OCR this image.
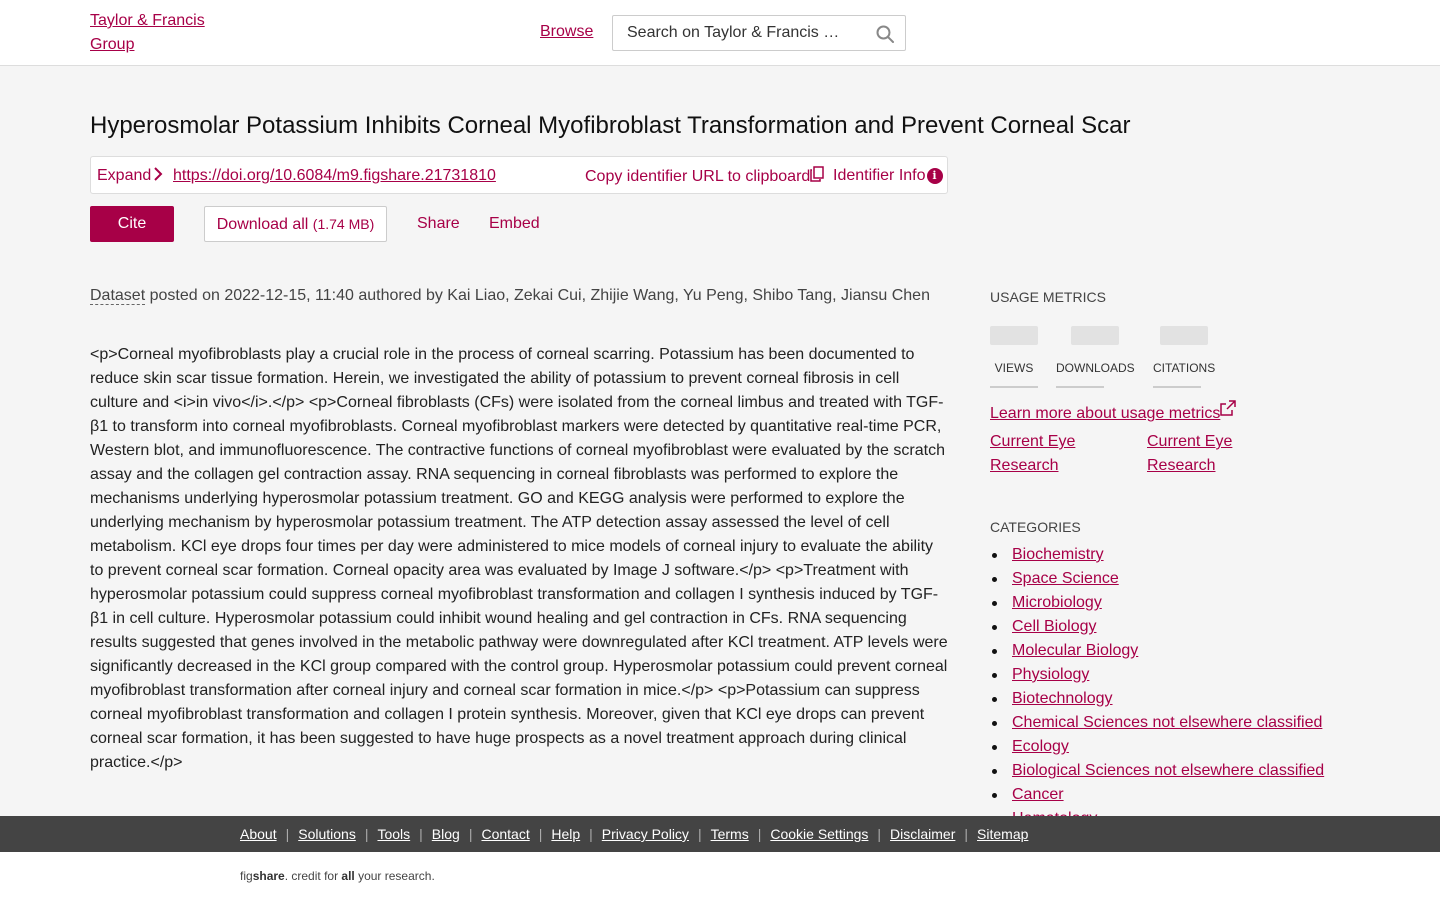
Taylor & Francis Group
Browse
Search on Taylor & Francis …
Hyperosmolar Potassium Inhibits Corneal Myofibroblast Transformation and Prevent Corneal Scar
Expand	https://doi.org/10.6084/m9.figshare.21731810	Copy identifier URL to clipboard	Identifier Info i
Cite	Download all (1.74 MB)	Share Embed
Dataset posted on 2022-12-15, 11:40 authored by Kai Liao, Zekai Cui, Zhijie Wang, Yu Peng, Shibo Tang, Jiansu Chen
<p>Corneal myofibroblasts play a crucial role in the process of corneal scarring. Potassium has been documented to reduce skin scar tissue formation. Herein, we investigated the ability of potassium to prevent corneal fibrosis in cell culture and <i>in vivo</i>.</p> <p>Corneal fibroblasts (CFs) were isolated from the corneal limbus and treated with TGF-β1 to transform into corneal myofibroblasts. Corneal myofibroblast markers were detected by quantitative real-time PCR, Western blot, and immunofluorescence. The contractive functions of corneal myofibroblast were evaluated by the scratch assay and the collagen gel contraction assay. RNA sequencing in corneal fibroblasts was performed to explore the mechanisms underlying hyperosmolar potassium treatment. GO and KEGG analysis were performed to explore the underlying mechanism by hyperosmolar potassium treatment. The ATP detection assay assessed the level of cell metabolism. KCl eye drops four times per day were administered to mice models of corneal injury to evaluate the ability to prevent corneal scar formation. Corneal opacity area was evaluated by Image J software.</p> <p>Treatment with hyperosmolar potassium could suppress corneal myofibroblast transformation and collagen I synthesis induced by TGF-β1 in cell culture. Hyperosmolar potassium could inhibit wound healing and gel contraction in CFs. RNA sequencing results suggested that genes involved in the metabolic pathway were downregulated after KCl treatment. ATP levels were significantly decreased in the KCl group compared with the control group. Hyperosmolar potassium could prevent corneal myofibroblast transformation after corneal injury and corneal scar formation in mice.</p> <p>Potassium can suppress corneal myofibroblast transformation and collagen I protein synthesis. Moreover, given that KCl eye drops can prevent corneal scar formation, it has been suggested to have huge prospects as a novel treatment approach during clinical practice.</p>
USAGE METRICS
VIEWS	DOWNLOADS CITATIONS
Learn more about usage metrics
Current Eye Research
Current Eye Research
CATEGORIES
Biochemistry
Space Science
Microbiology
Cell Biology
Molecular Biology
Physiology
Biotechnology
Chemical Sciences not elsewhere classified
Ecology
Biological Sciences not elsewhere classified
Cancer
About | Solutions | Tools | Blog | Contact | Help | Privacy Policy | Terms | Cookie Settings | Disclaimer | Sitemap
figshare. credit for all your research.
